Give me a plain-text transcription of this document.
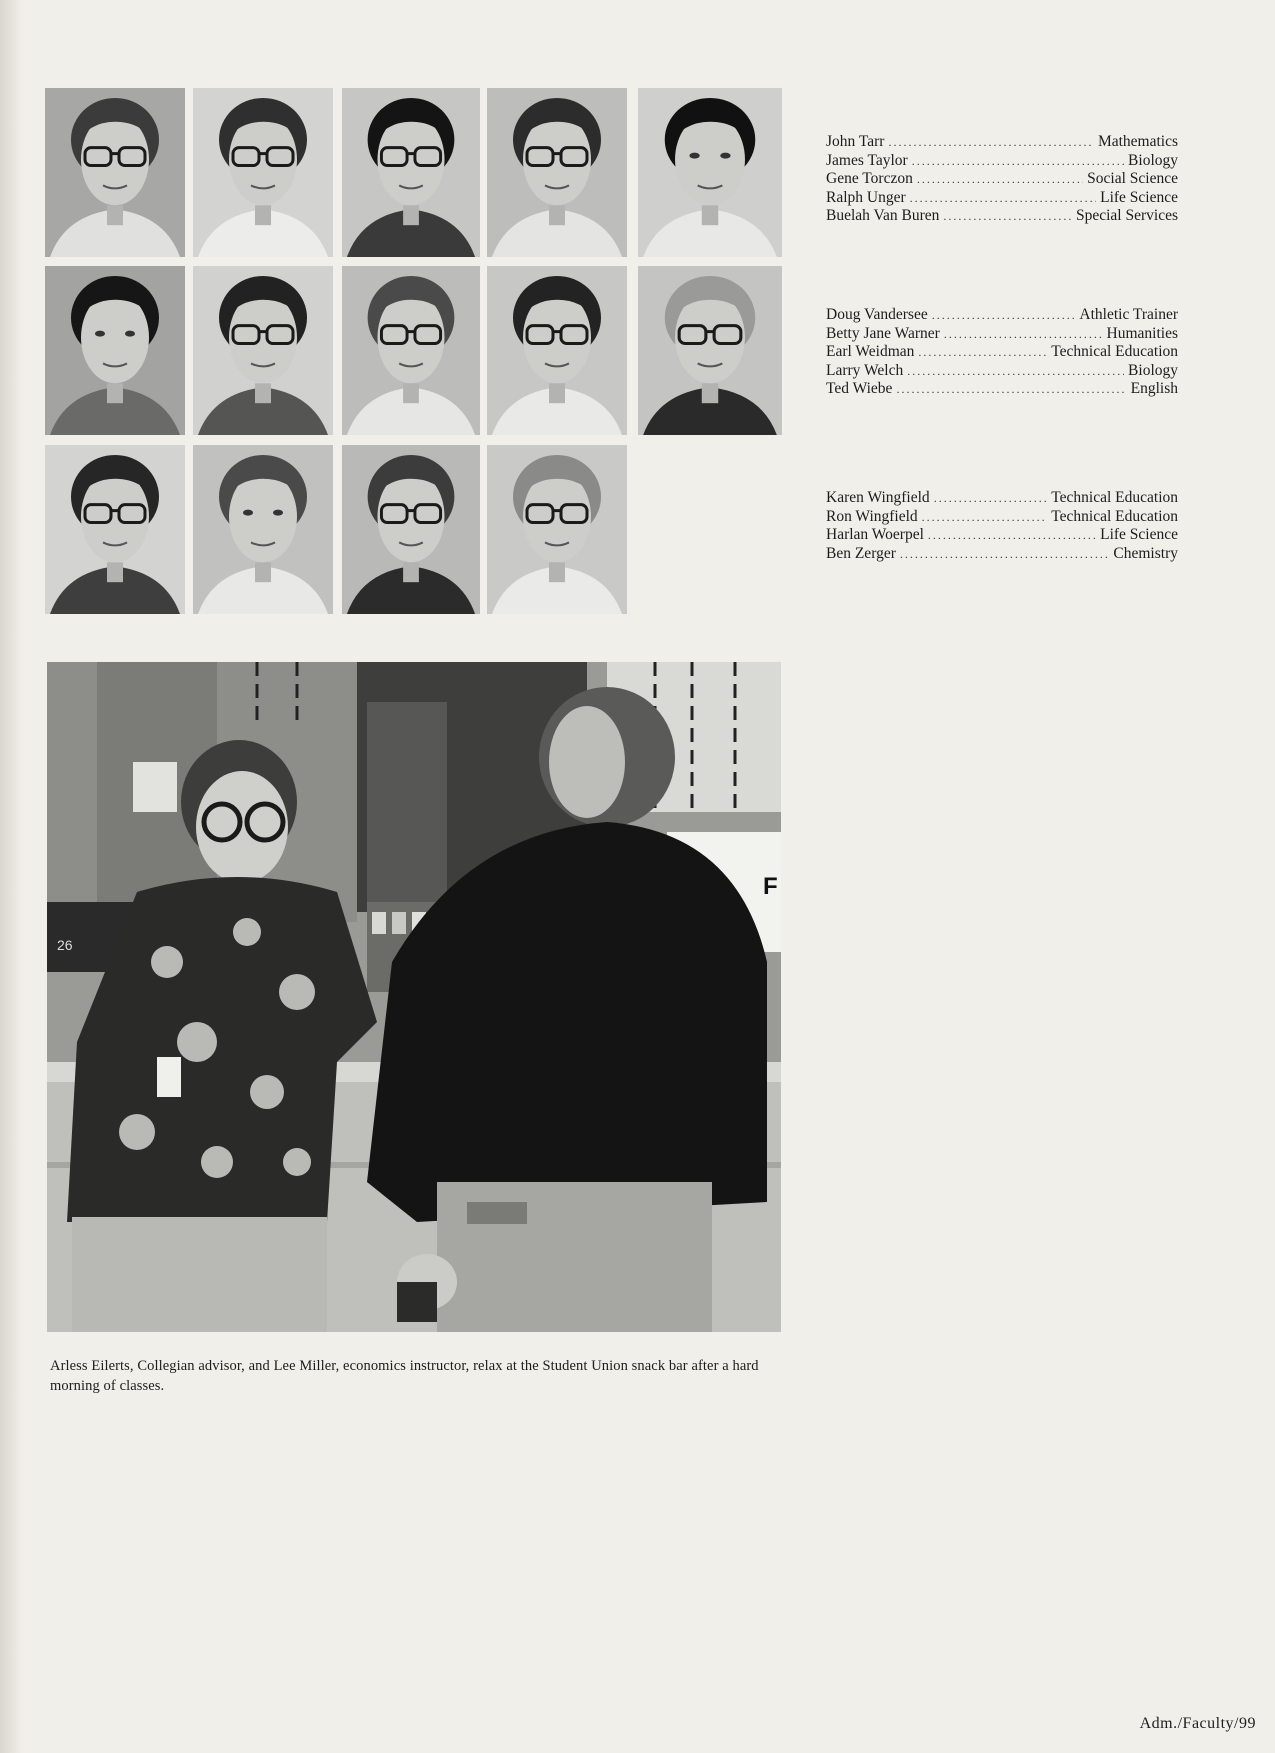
John Tarr .....	Mathematics
James Taylor .....	Biology
Gene Torczon .....	Social Science
Ralph Unger .....	Life Science
Buelah Van Buren .....	Special Services
Doug Vandersee .....	Athletic Trainer
Betty Jane Warner .....	Humanities
Earl Weidman .....	Technical Education
Larry Welch .....	Biology
Ted Wiebe .....	English
Karen Wingfield .....	Technical Education
Ron Wingfield .....	Technical Education
Harlan Woerpel .....	Life Science
Ben Zerger .....	Chemistry
F
26
Arless Eilerts, Collegian advisor, and Lee Miller, economics instructor, relax at the Student Union snack bar after a hard morning of classes.
Adm./Faculty/99
